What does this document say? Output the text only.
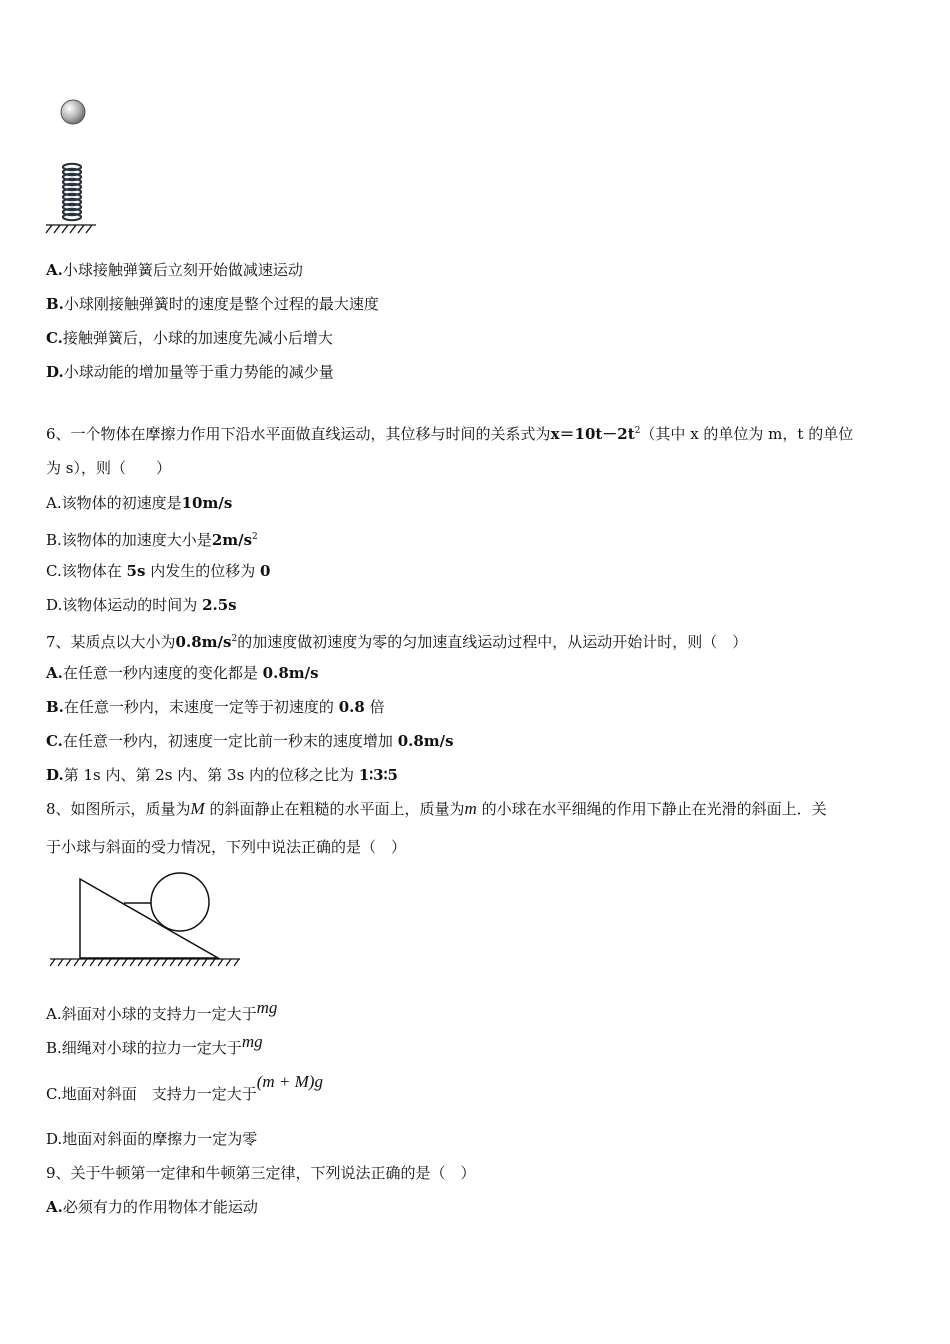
A.小球接触弹簧后立刻开始做减速运动
B.小球刚接触弹簧时的速度是整个过程的最大速度
C.接触弹簧后，小球的加速度先减小后增大
D.小球动能的增加量等于重力势能的减少量
6、一个物体在摩擦力作用下沿水平面做直线运动，其位移与时间的关系式为$x=10t-2t^2$（其中 x 的单位为 m，t 的单位
为 s），则（　　）
A.该物体的初速度是10m/s
B.该物体的加速度大小是$2m/s^2$
C.该物体在 5s 内发生的位移为 0
D.该物体运动的时间为 2.5s
7、某质点以大小为$0.8m/s^2$的加速度做初速度为零的匀加速直线运动过程中，从运动开始计时，则（　）
A.在任意一秒内速度的变化都是 0.8m/s
B.在任意一秒内，末速度一定等于初速度的 0.8 倍
C.在任意一秒内，初速度一定比前一秒末的速度增加 0.8m/s
D.第 1s 内、第 2s 内、第 3s 内的位移之比为 1∶3∶5
8、如图所示，质量为M 的斜面静止在粗糙的水平面上，质量为m 的小球在水平细绳的作用下静止在光滑的斜面上．关
于小球与斜面的受力情况，下列中说法正确的是（　）
A.斜面对小球的支持力一定大于mg
B.细绳对小球的拉力一定大于mg
C.地面对斜面　支持力一定大于(m + M)g
D.地面对斜面的摩擦力一定为零
9、关于牛顿第一定律和牛顿第三定律，下列说法正确的是（　）
A.必须有力的作用物体才能运动
